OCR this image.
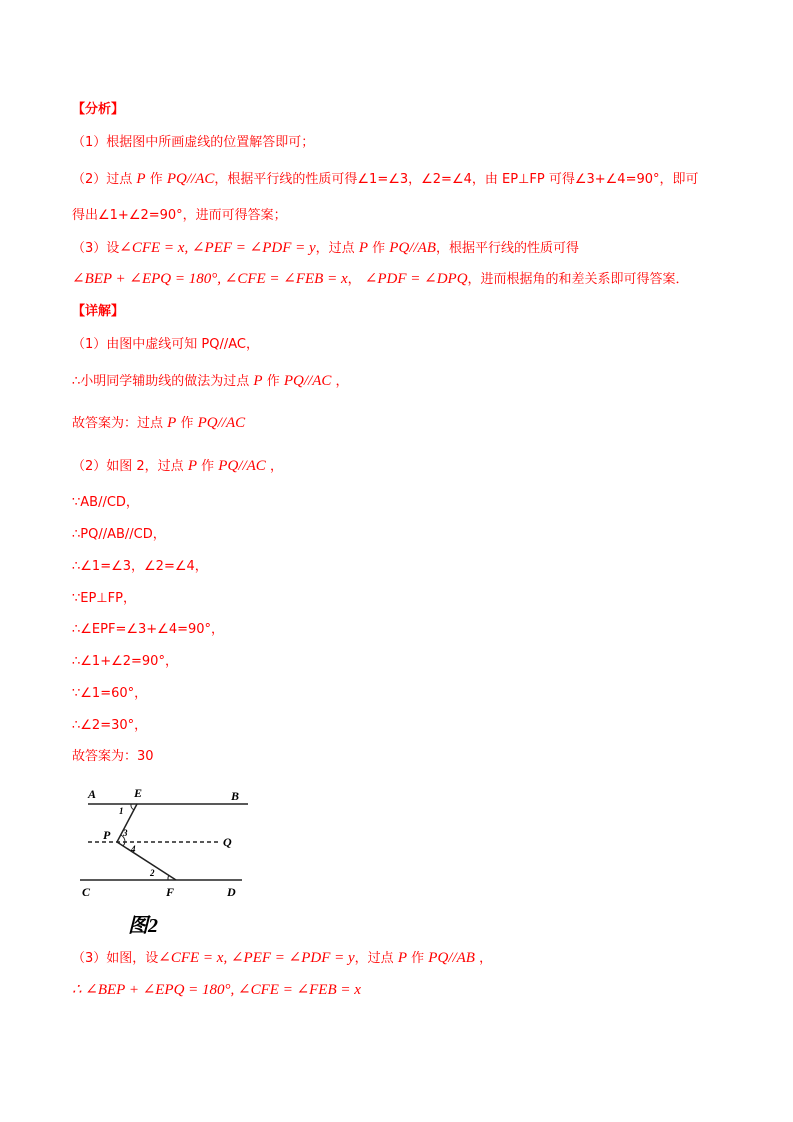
【分析】
（1）根据图中所画虚线的位置解答即可；
（2）过点 P 作 PQ//AC，根据平行线的性质可得∠1=∠3，∠2=∠4，由 EP⊥FP 可得∠3+∠4=90°，即可
得出∠1+∠2=90°，进而可得答案；
（3）设∠CFE = x, ∠PEF = ∠PDF = y，过点 P 作 PQ//AB，根据平行线的性质可得
∠BEP + ∠EPQ = 180°, ∠CFE = ∠FEB = x， ∠PDF = ∠DPQ，进而根据角的和差关系即可得答案．
【详解】
（1）由图中虚线可知 PQ//AC，
∴小明同学辅助线的做法为过点 P 作 PQ//AC ，
故答案为：过点 P 作 PQ//AC
（2）如图 2，过点 P 作 PQ//AC ，
∵AB//CD，
∴PQ//AB//CD，
∴∠1=∠3，∠2=∠4，
∵EP⊥FP，
∴∠EPF=∠3+∠4=90°，
∴∠1+∠2=90°，
∵∠1=60°，
∴∠2=30°，
故答案为：30
A	E	B
1
P 3
4	Q
2
C	F	D
图2
（3）如图，设∠CFE = x, ∠PEF = ∠PDF = y，过点 P 作 PQ//AB ，
∴ ∠BEP + ∠EPQ = 180°, ∠CFE = ∠FEB = x
